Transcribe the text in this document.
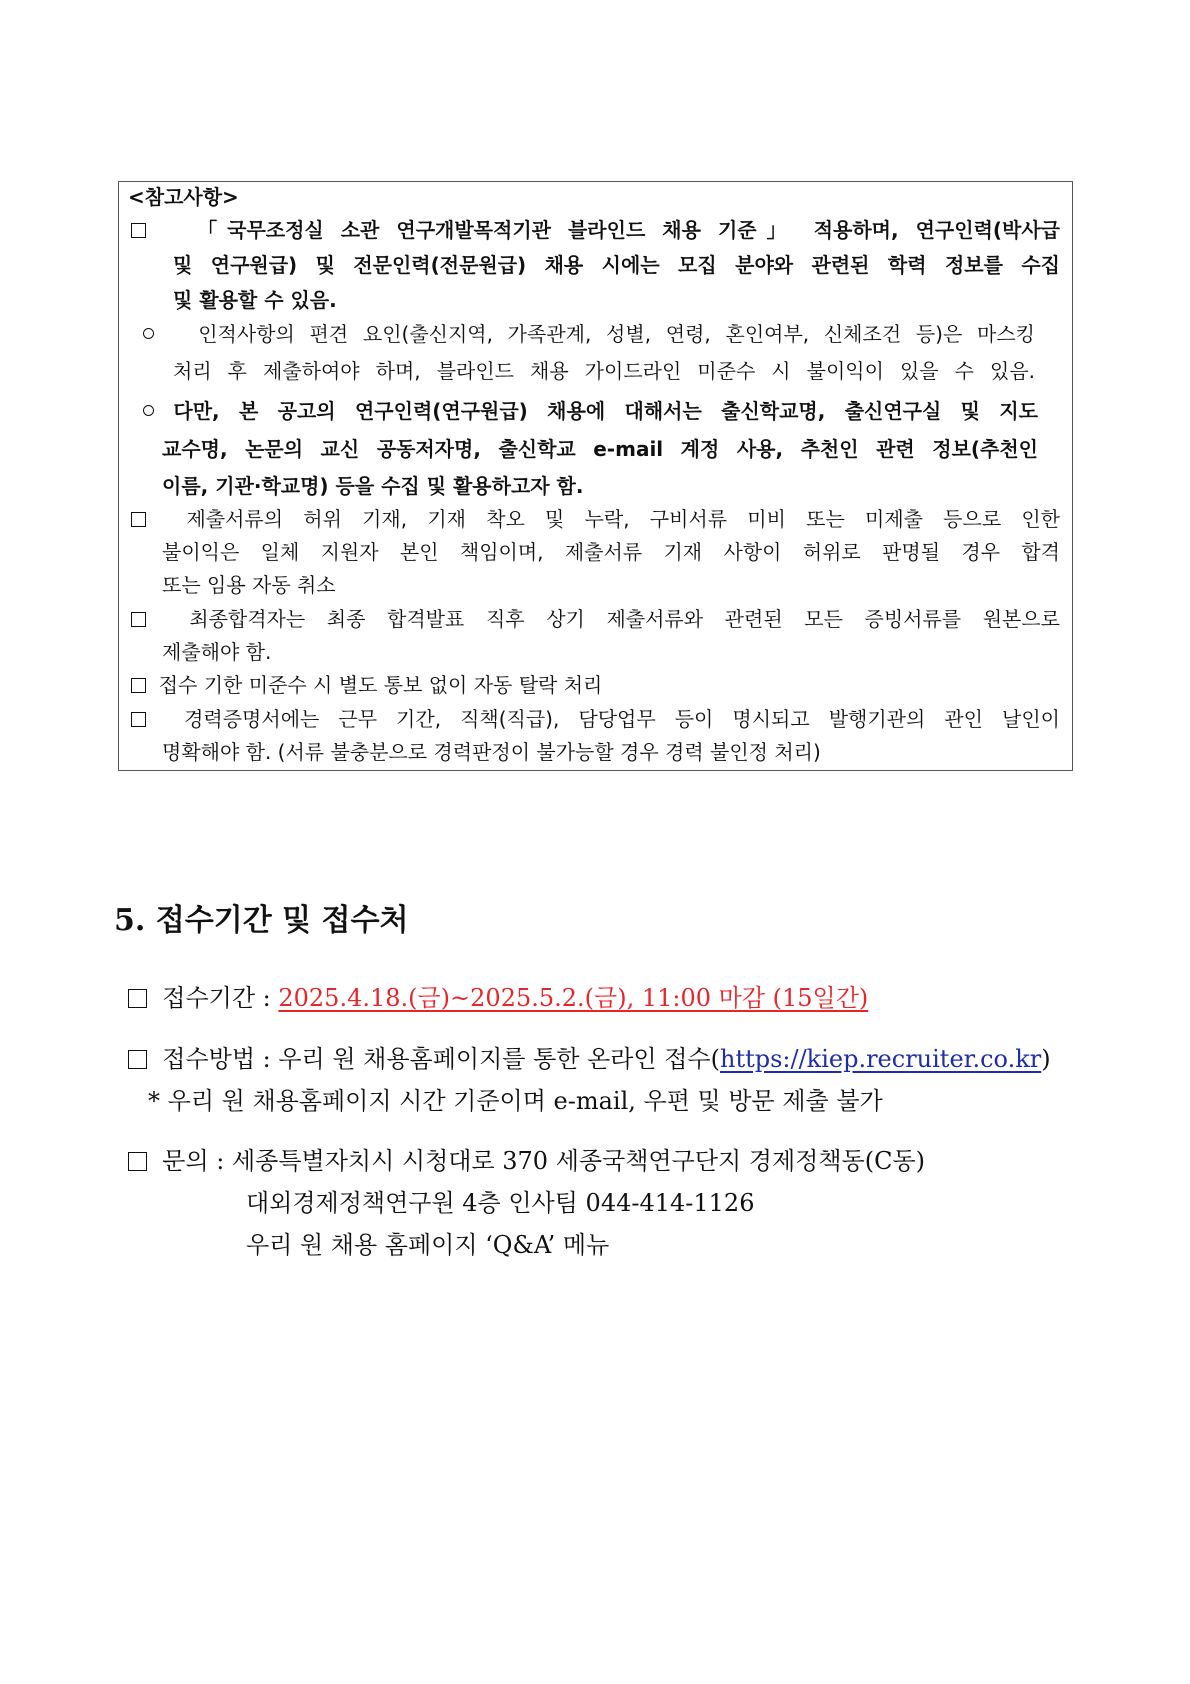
<참고사항>
「국무조정실 소관 연구개발목적기관 블라인드 채용 기준」 적용하며, 연구인력(박사급
및 연구원급) 및 전문인력(전문원급) 채용 시에는 모집 분야와 관련된 학력 정보를 수집
및 활용할 수 있음.
인적사항의 편견 요인(출신지역, 가족관계, 성별, 연령, 혼인여부, 신체조건 등)은 마스킹
처리 후 제출하여야 하며, 블라인드 채용 가이드라인 미준수 시 불이익이 있을 수 있음.
다만, 본 공고의 연구인력(연구원급) 채용에 대해서는 출신학교명, 출신연구실 및 지도
교수명, 논문의 교신 공동저자명, 출신학교 e-mail 계정 사용, 추천인 관련 정보(추천인
이름, 기관·학교명) 등을 수집 및 활용하고자 함.
제출서류의 허위 기재, 기재 착오 및 누락, 구비서류 미비 또는 미제출 등으로 인한
불이익은 일체 지원자 본인 책임이며, 제출서류 기재 사항이 허위로 판명될 경우 합격
또는 임용 자동 취소
최종합격자는 최종 합격발표 직후 상기 제출서류와 관련된 모든 증빙서류를 원본으로
제출해야 함.
접수 기한 미준수 시 별도 통보 없이 자동 탈락 처리
경력증명서에는 근무 기간, 직책(직급), 담당업무 등이 명시되고 발행기관의 관인 날인이
명확해야 함. (서류 불충분으로 경력판정이 불가능할 경우 경력 불인정 처리)
5. 접수기간 및 접수처
접수기간 : 2025.4.18.(금)~2025.5.2.(금), 11:00 마감 (15일간)
접수방법 : 우리 원 채용홈페이지를 통한 온라인 접수(https://kiep.recruiter.co.kr)
* 우리 원 채용홈페이지 시간 기준이며 e-mail, 우편 및 방문 제출 불가
문의 : 세종특별자치시 시청대로 370 세종국책연구단지 경제정책동(C동)
대외경제정책연구원 4층 인사팀 044-414-1126
우리 원 채용 홈페이지 ‘Q&A’ 메뉴
